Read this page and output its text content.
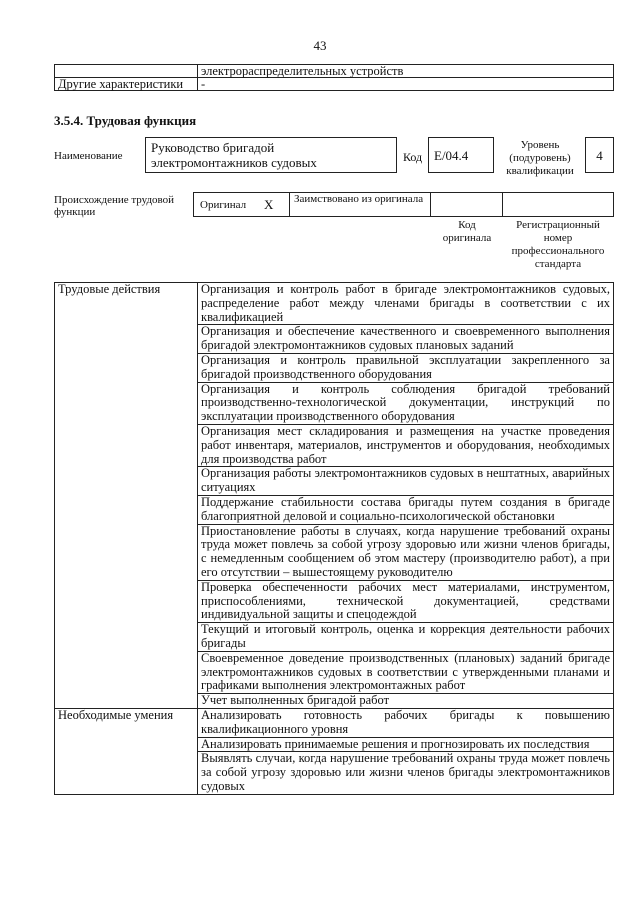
43
	электрораспределительных устройств
Другие характеристики	-
3.5.4. Трудовая функция
Наименование
Руководство бригадой электромонтажников судовых	Код E/04.4
Уровень (подуровень) квалификации
4
Происхождение трудовой функции
Оригинал X Заимствовано из оригинала
Код оригинала
Регистрационный номер профессионального стандарта
Трудовые действия	Организация и контроль работ в бригаде электромонтажников судовых, распределение работ между членами бригады в соответствии с их квалификацией
	Организация и обеспечение качественного и своевременного выполнения бригадой электромонтажников судовых плановых заданий
	Организация и контроль правильной эксплуатации закрепленного за бригадой производственного оборудования
	Организация и контроль соблюдения бригадой требований производственно-технологической документации, инструкций по эксплуатации производственного оборудования
	Организация мест складирования и размещения на участке проведения работ инвентаря, материалов, инструментов и оборудования, необходимых для производства работ
	Организация работы электромонтажников судовых в нештатных, аварийных ситуациях
	Поддержание стабильности состава бригады путем создания в бригаде благоприятной деловой и социально-психологической обстановки
	Приостановление работы в случаях, когда нарушение требований охраны труда может повлечь за собой угрозу здоровью или жизни членов бригады, с немедленным сообщением об этом мастеру (производителю работ), а при его отсутствии – вышестоящему руководителю
	Проверка обеспеченности рабочих мест материалами, инструментом, приспособлениями, технической документацией, средствами индивидуальной защиты и спецодеждой
	Текущий и итоговый контроль, оценка и коррекция деятельности рабочих бригады
	Своевременное доведение производственных (плановых) заданий бригаде электромонтажников судовых в соответствии с утвержденными планами и графиками выполнения электромонтажных работ
	Учет выполненных бригадой работ
Необходимые умения	Анализировать готовность рабочих бригады к повышению квалификационного уровня
	Анализировать принимаемые решения и прогнозировать их последствия
	Выявлять случаи, когда нарушение требований охраны труда может повлечь за собой угрозу здоровью или жизни членов бригады электромонтажников судовых
